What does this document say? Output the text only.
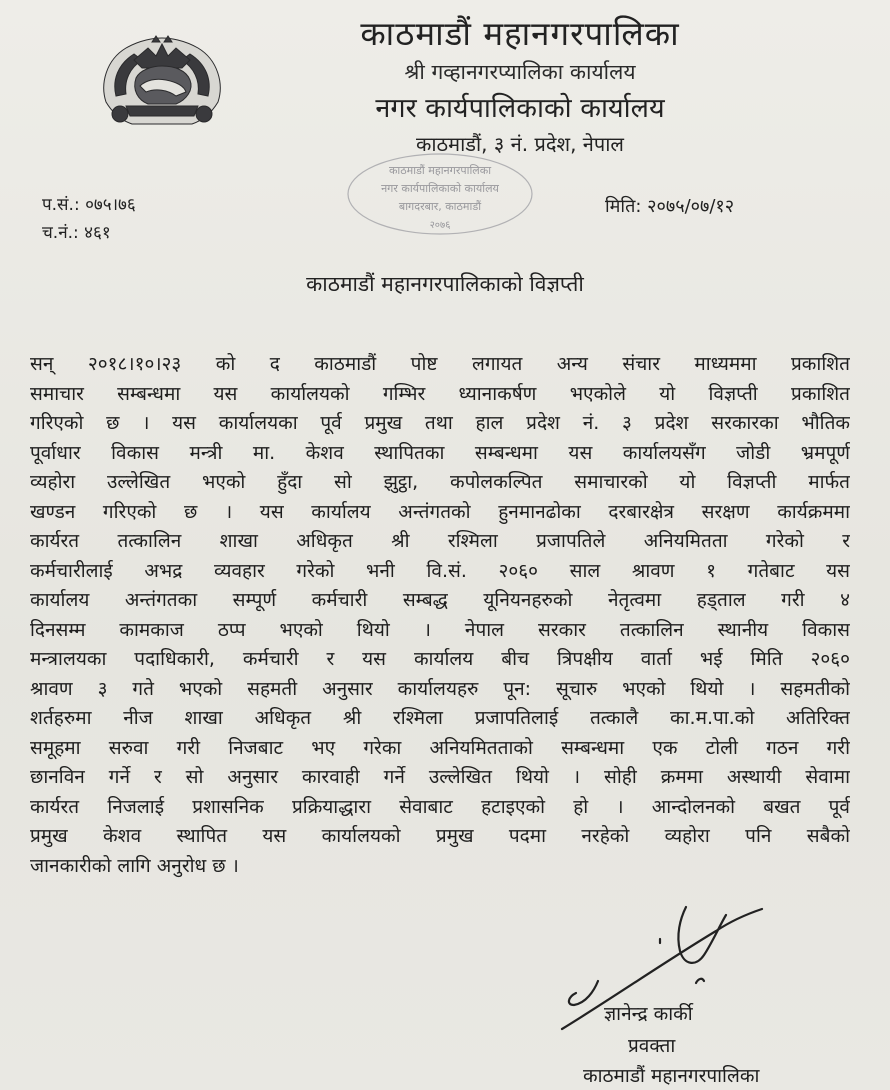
काठमाडौं महानगरपालिका
श्री गव्हानगरप्यालिका कार्यालय
नगर कार्यपालिकाको कार्यालय
काठमाडौं, ३ नं. प्रदेश, नेपाल
प.सं.: ०७५।७६
च.नं.: ४६१
मिति: २०७५/०७/१२
काठमाडौं महानगरपालिका
नगर कार्यपालिकाको कार्यालय
बागदरबार, काठमाडौं
२०७६
काठमाडौं महानगरपालिकाको विज्ञप्ती
सन् २०१८।१०।२३ को द काठमाडौं पोष्ट लगायत अन्य संचार माध्यममा प्रकाशित
समाचार सम्बन्धमा यस कार्यालयको गम्भिर ध्यानाकर्षण भएकोले यो विज्ञप्ती प्रकाशित
गरिएको छ । यस कार्यालयका पूर्व प्रमुख तथा हाल प्रदेश नं. ३ प्रदेश सरकारका भौतिक
पूर्वाधार विकास मन्त्री मा. केशव स्थापितका सम्बन्धमा यस कार्यालयसँग जोडी भ्रमपूर्ण
व्यहोरा उल्लेखित भएको हुँदा सो झुट्ठा, कपोलकल्पित समाचारको यो विज्ञप्ती मार्फत
खण्डन गरिएको छ । यस कार्यालय अन्तंगतको हुनमानढोका दरबारक्षेत्र सरक्षण कार्यक्रममा
कार्यरत तत्कालिन शाखा अधिकृत श्री रश्मिला प्रजापतिले अनियमितता गरेको र
कर्मचारीलाई अभद्र व्यवहार गरेको भनी वि.सं. २०६० साल श्रावण १ गतेबाट यस
कार्यालय अन्तंगतका सम्पूर्ण कर्मचारी सम्बद्ध यूनियनहरुको नेतृत्वमा हड्ताल गरी ४
दिनसम्म कामकाज ठप्प भएको थियो । नेपाल सरकार तत्कालिन स्थानीय विकास
मन्त्रालयका पदाधिकारी, कर्मचारी र यस कार्यालय बीच त्रिपक्षीय वार्ता भई मिति २०६०
श्रावण ३ गते भएको सहमती अनुसार कार्यालयहरु पून: सूचारु भएको थियो । सहमतीको
शर्तहरुमा नीज शाखा अधिकृत श्री रश्मिला प्रजापतिलाई तत्कालै का.म.पा.को अतिरिक्त
समूहमा सरुवा गरी निजबाट भए गरेका अनियमितताको सम्बन्धमा एक टोली गठन गरी
छानविन गर्ने र सो अनुसार कारवाही गर्ने उल्लेखित थियो । सोही क्रममा अस्थायी सेवामा
कार्यरत निजलाई प्रशासनिक प्रक्रियाद्धारा सेवाबाट हटाइएको हो । आन्दोलनको बखत पूर्व
प्रमुख केशव स्थापित यस कार्यालयको प्रमुख पदमा नरहेको व्यहोरा पनि सबैको
जानकारीको लागि अनुरोध छ ।
ज्ञानेन्द्र कार्की
प्रवक्ता
काठमाडौं महानगरपालिका
